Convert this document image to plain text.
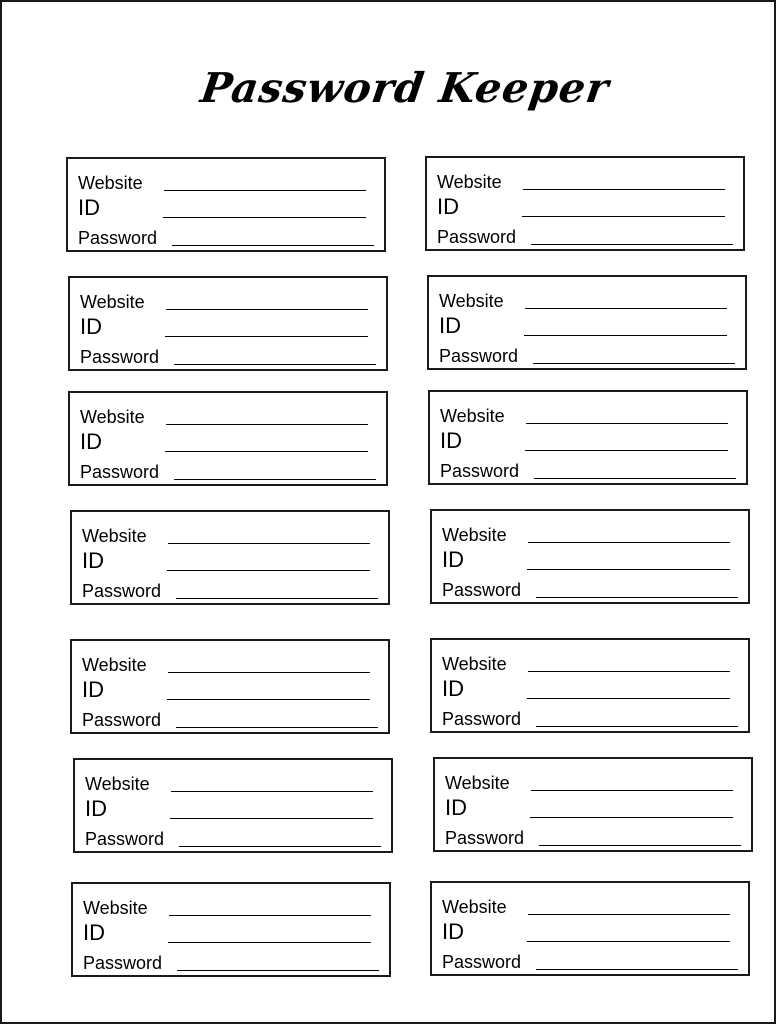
Password Keeper
Website
ID
Password
Website
ID
Password
Website
ID
Password
Website
ID
Password
Website
ID
Password
Website
ID
Password
Website
ID
Password
Website
ID
Password
Website
ID
Password
Website
ID
Password
Website
ID
Password
Website
ID
Password
Website
ID
Password
Website
ID
Password
